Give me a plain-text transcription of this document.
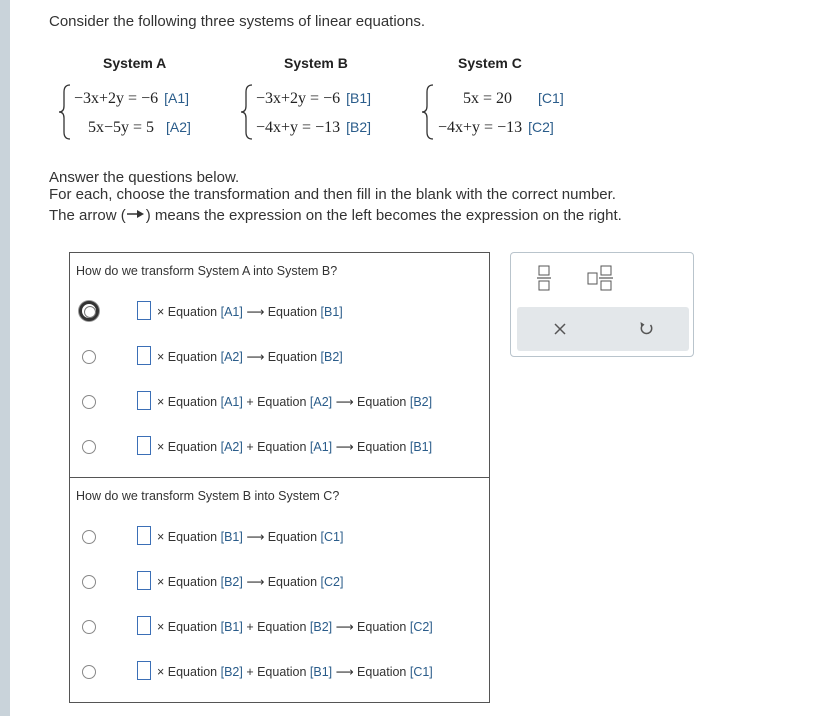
Consider the following three systems of linear equations.
System A	System B	System C
−3x+2y = −6 [A1]
5x−5y = 5 [A2]
−3x+2y = −6 [B1]
−4x+y = −13 [B2]
5x = 20 [C1]
−4x+y = −13 [C2]
Answer the questions below.
For each, choose the transformation and then fill in the blank with the correct number.
The arrow ( ) means the expression on the left becomes the expression on the right.
How do we transform System A into System B?
× Equation [A1] ⟶ Equation [B1]
× Equation [A2] ⟶ Equation [B2]
× Equation [A1] + Equation [A2] ⟶ Equation [B2]
× Equation [A2] + Equation [A1] ⟶ Equation [B1]
How do we transform System B into System C?
× Equation [B1] ⟶ Equation [C1]
× Equation [B2] ⟶ Equation [C2]
× Equation [B1] + Equation [B2] ⟶ Equation [C2]
× Equation [B2] + Equation [B1] ⟶ Equation [C1]
